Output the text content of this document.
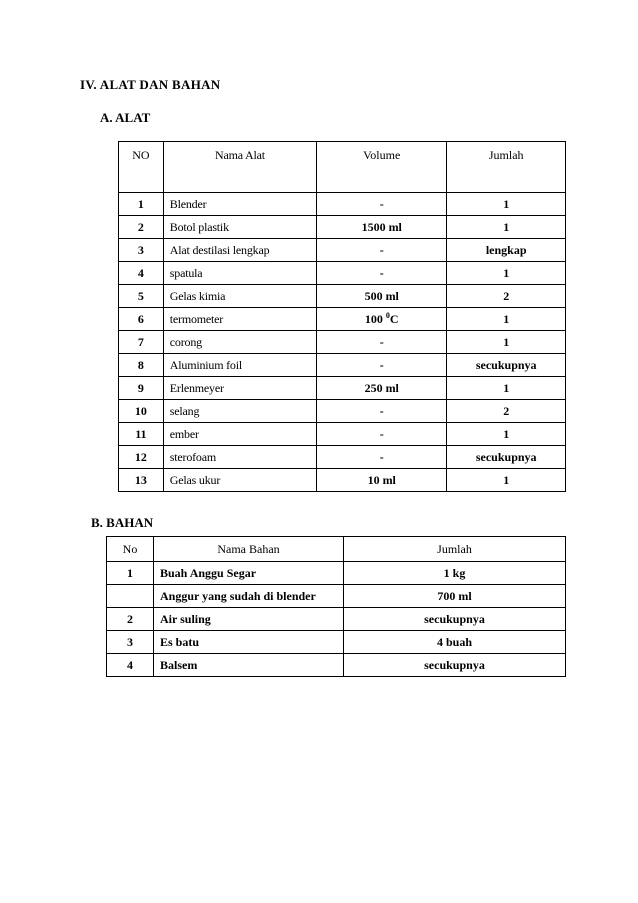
IV. ALAT DAN BAHAN
A. ALAT
NO	Nama Alat	Volume	Jumlah
1	Blender	-	1
2	Botol plastik	1500 ml	1
3	Alat destilasi lengkap	-	lengkap
4	spatula	-	1
5	Gelas kimia	500 ml	2
6	termometer	100 $^0$C	1
7	corong	-	1
8	Aluminium foil	-	secukupnya
9	Erlenmeyer	250 ml	1
10	selang	-	2
11	ember	-	1
12	sterofoam	-	secukupnya
13	Gelas ukur	10 ml	1
B. BAHAN
No	Nama Bahan	Jumlah
1	Buah Anggu Segar	1 kg
	Anggur yang sudah di blender	700 ml
2	Air suling	secukupnya
3	Es batu	4 buah
4	Balsem	secukupnya
